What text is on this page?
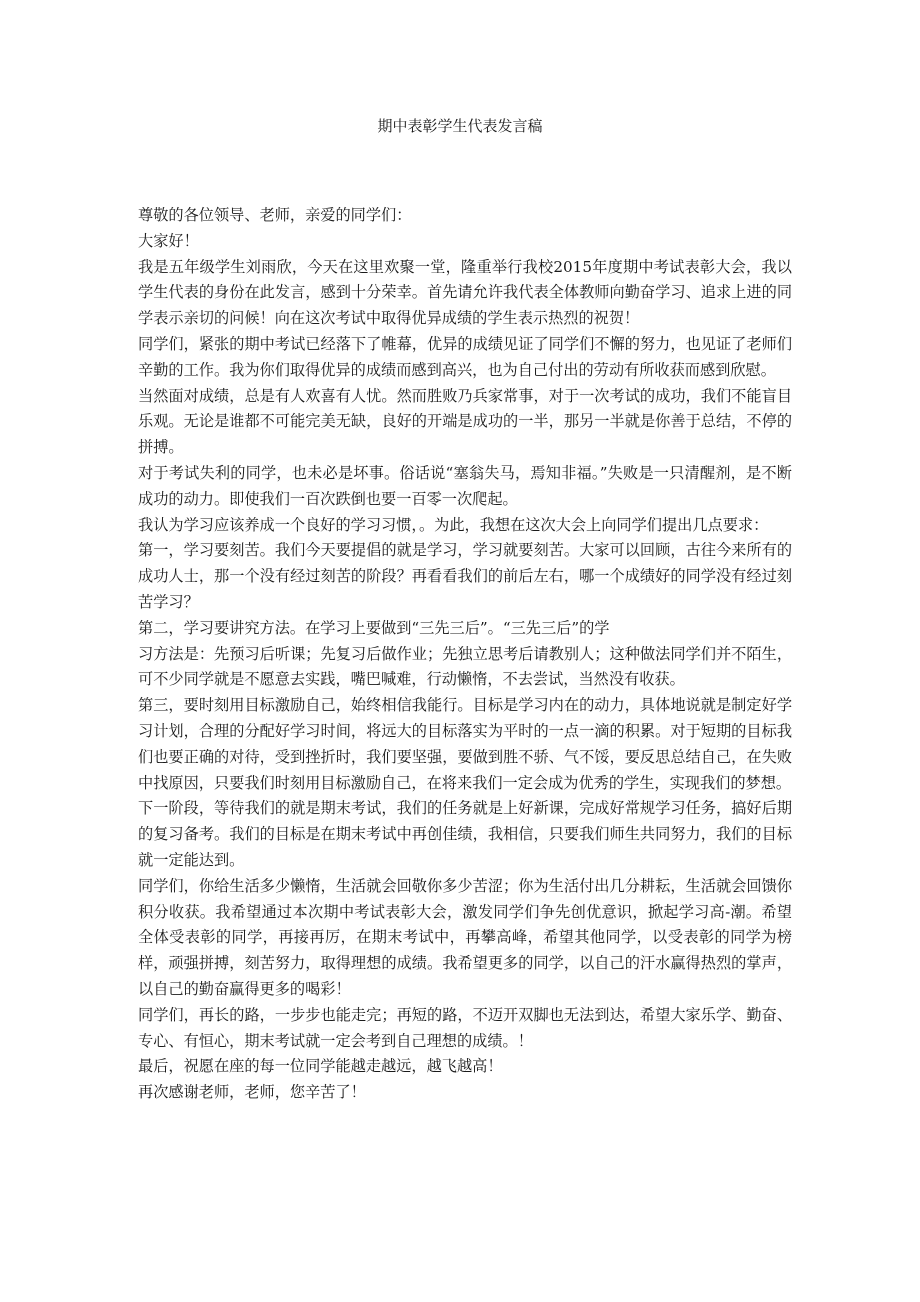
期中表彰学生代表发言稿

尊敬的各位领导、老师，亲爱的同学们：

大家好！

我是五年级学生刘雨欣，今天在这里欢聚一堂，隆重举行我校2015年度期中考试表彰大会，我以学生代表的身份在此发言，感到十分荣幸。首先请允许我代表全体教师向勤奋学习、追求上进的同学表示亲切的问候！向在这次考试中取得优异成绩的学生表示热烈的祝贺！

同学们，紧张的期中考试已经落下了帷幕，优异的成绩见证了同学们不懈的努力，也见证了老师们辛勤的工作。我为你们取得优异的成绩而感到高兴，也为自己付出的劳动有所收获而感到欣慰。

当然面对成绩，总是有人欢喜有人忧。然而胜败乃兵家常事，对于一次考试的成功，我们不能盲目乐观。无论是谁都不可能完美无缺，良好的开端是成功的一半，那另一半就是你善于总结，不停的拼搏。

对于考试失利的同学，也未必是坏事。俗话说“塞翁失马，焉知非福。”失败是一只清醒剂，是不断成功的动力。即使我们一百次跌倒也要一百零一次爬起。

我认为学习应该养成一个良好的学习习惯，。为此，我想在这次大会上向同学们提出几点要求：

第一，学习要刻苦。我们今天要提倡的就是学习，学习就要刻苦。大家可以回顾，古往今来所有的成功人士，那一个没有经过刻苦的阶段？再看看我们的前后左右，哪一个成绩好的同学没有经过刻苦学习？

第二，学习要讲究方法。在学习上要做到“三先三后”。“三先三后”的学

习方法是：先预习后听课；先复习后做作业；先独立思考后请教别人；这种做法同学们并不陌生，可不少同学就是不愿意去实践，嘴巴喊难，行动懒惰，不去尝试，当然没有收获。

第三，要时刻用目标激励自己，始终相信我能行。目标是学习内在的动力，具体地说就是制定好学习计划，合理的分配好学习时间，将远大的目标落实为平时的一点一滴的积累。对于短期的目标我们也要正确的对待，受到挫折时，我们要坚强，要做到胜不骄、气不馁，要反思总结自己，在失败中找原因，只要我们时刻用目标激励自己，在将来我们一定会成为优秀的学生，实现我们的梦想。

下一阶段，等待我们的就是期末考试，我们的任务就是上好新课，完成好常规学习任务，搞好后期的复习备考。我们的目标是在期末考试中再创佳绩，我相信，只要我们师生共同努力，我们的目标就一定能达到。

同学们，你给生活多少懒惰，生活就会回敬你多少苦涩；你为生活付出几分耕耘，生活就会回馈你积分收获。我希望通过本次期中考试表彰大会，激发同学们争先创优意识，掀起学习高-潮。希望全体受表彰的同学，再接再厉，在期末考试中，再攀高峰，希望其他同学，以受表彰的同学为榜样，顽强拼搏，刻苦努力，取得理想的成绩。我希望更多的同学，以自己的汗水赢得热烈的掌声，以自己的勤奋赢得更多的喝彩！

同学们，再长的路，一步步也能走完；再短的路，不迈开双脚也无法到达，希望大家乐学、勤奋、专心、有恒心，期末考试就一定会考到自己理想的成绩。！

最后，祝愿在座的每一位同学能越走越远，越飞越高！

再次感谢老师，老师，您辛苦了！
